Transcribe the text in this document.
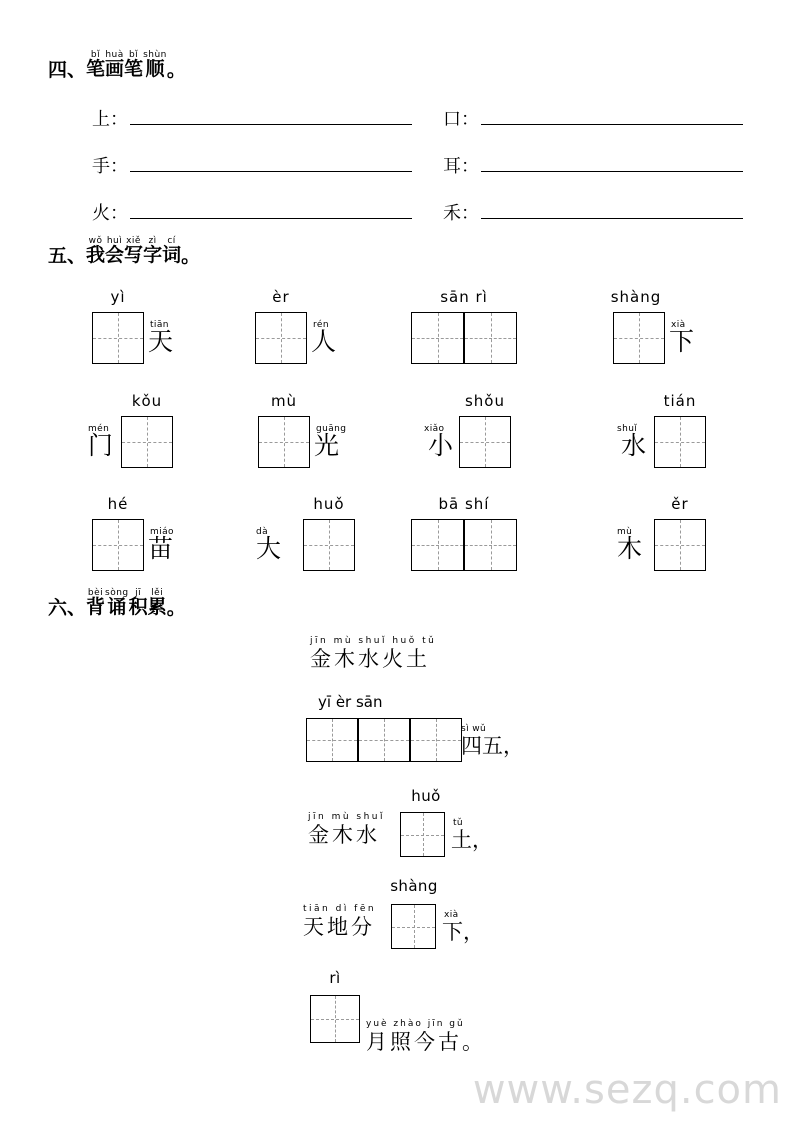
四、
bǐ
笔
huà
画
bǐ
笔
shùn
顺 。
上 ：	口 ：
手 ：	耳 ：
火 ：	禾 ：
五、
wǒ
我
huì
会
xiě
写
zì
字
cí
词 。
yì
tiān
天
èr
rén
人
sān rì	shàng
xià
下
mén
门
kǒu	mù
guāng
光
xiǎo
小
shǒu
shuǐ
水
tián
hé
miáo
苗
dà
大
huǒ	bā shí
mù
木
ěr
六、
bèi
背
sòng
诵
jī
积
lěi
累 。
jīn mù shuǐ huǒ tǔ
金木水火土
yī èr sān
sì wǔ
四五，
jīn mù shuǐ
金木水
huǒ
tǔ
土，
tiān dì fēn
天地分
shàng
xià
下，
rì
yuè zhào jīn gǔ
月照今古。
www.sezq.com
